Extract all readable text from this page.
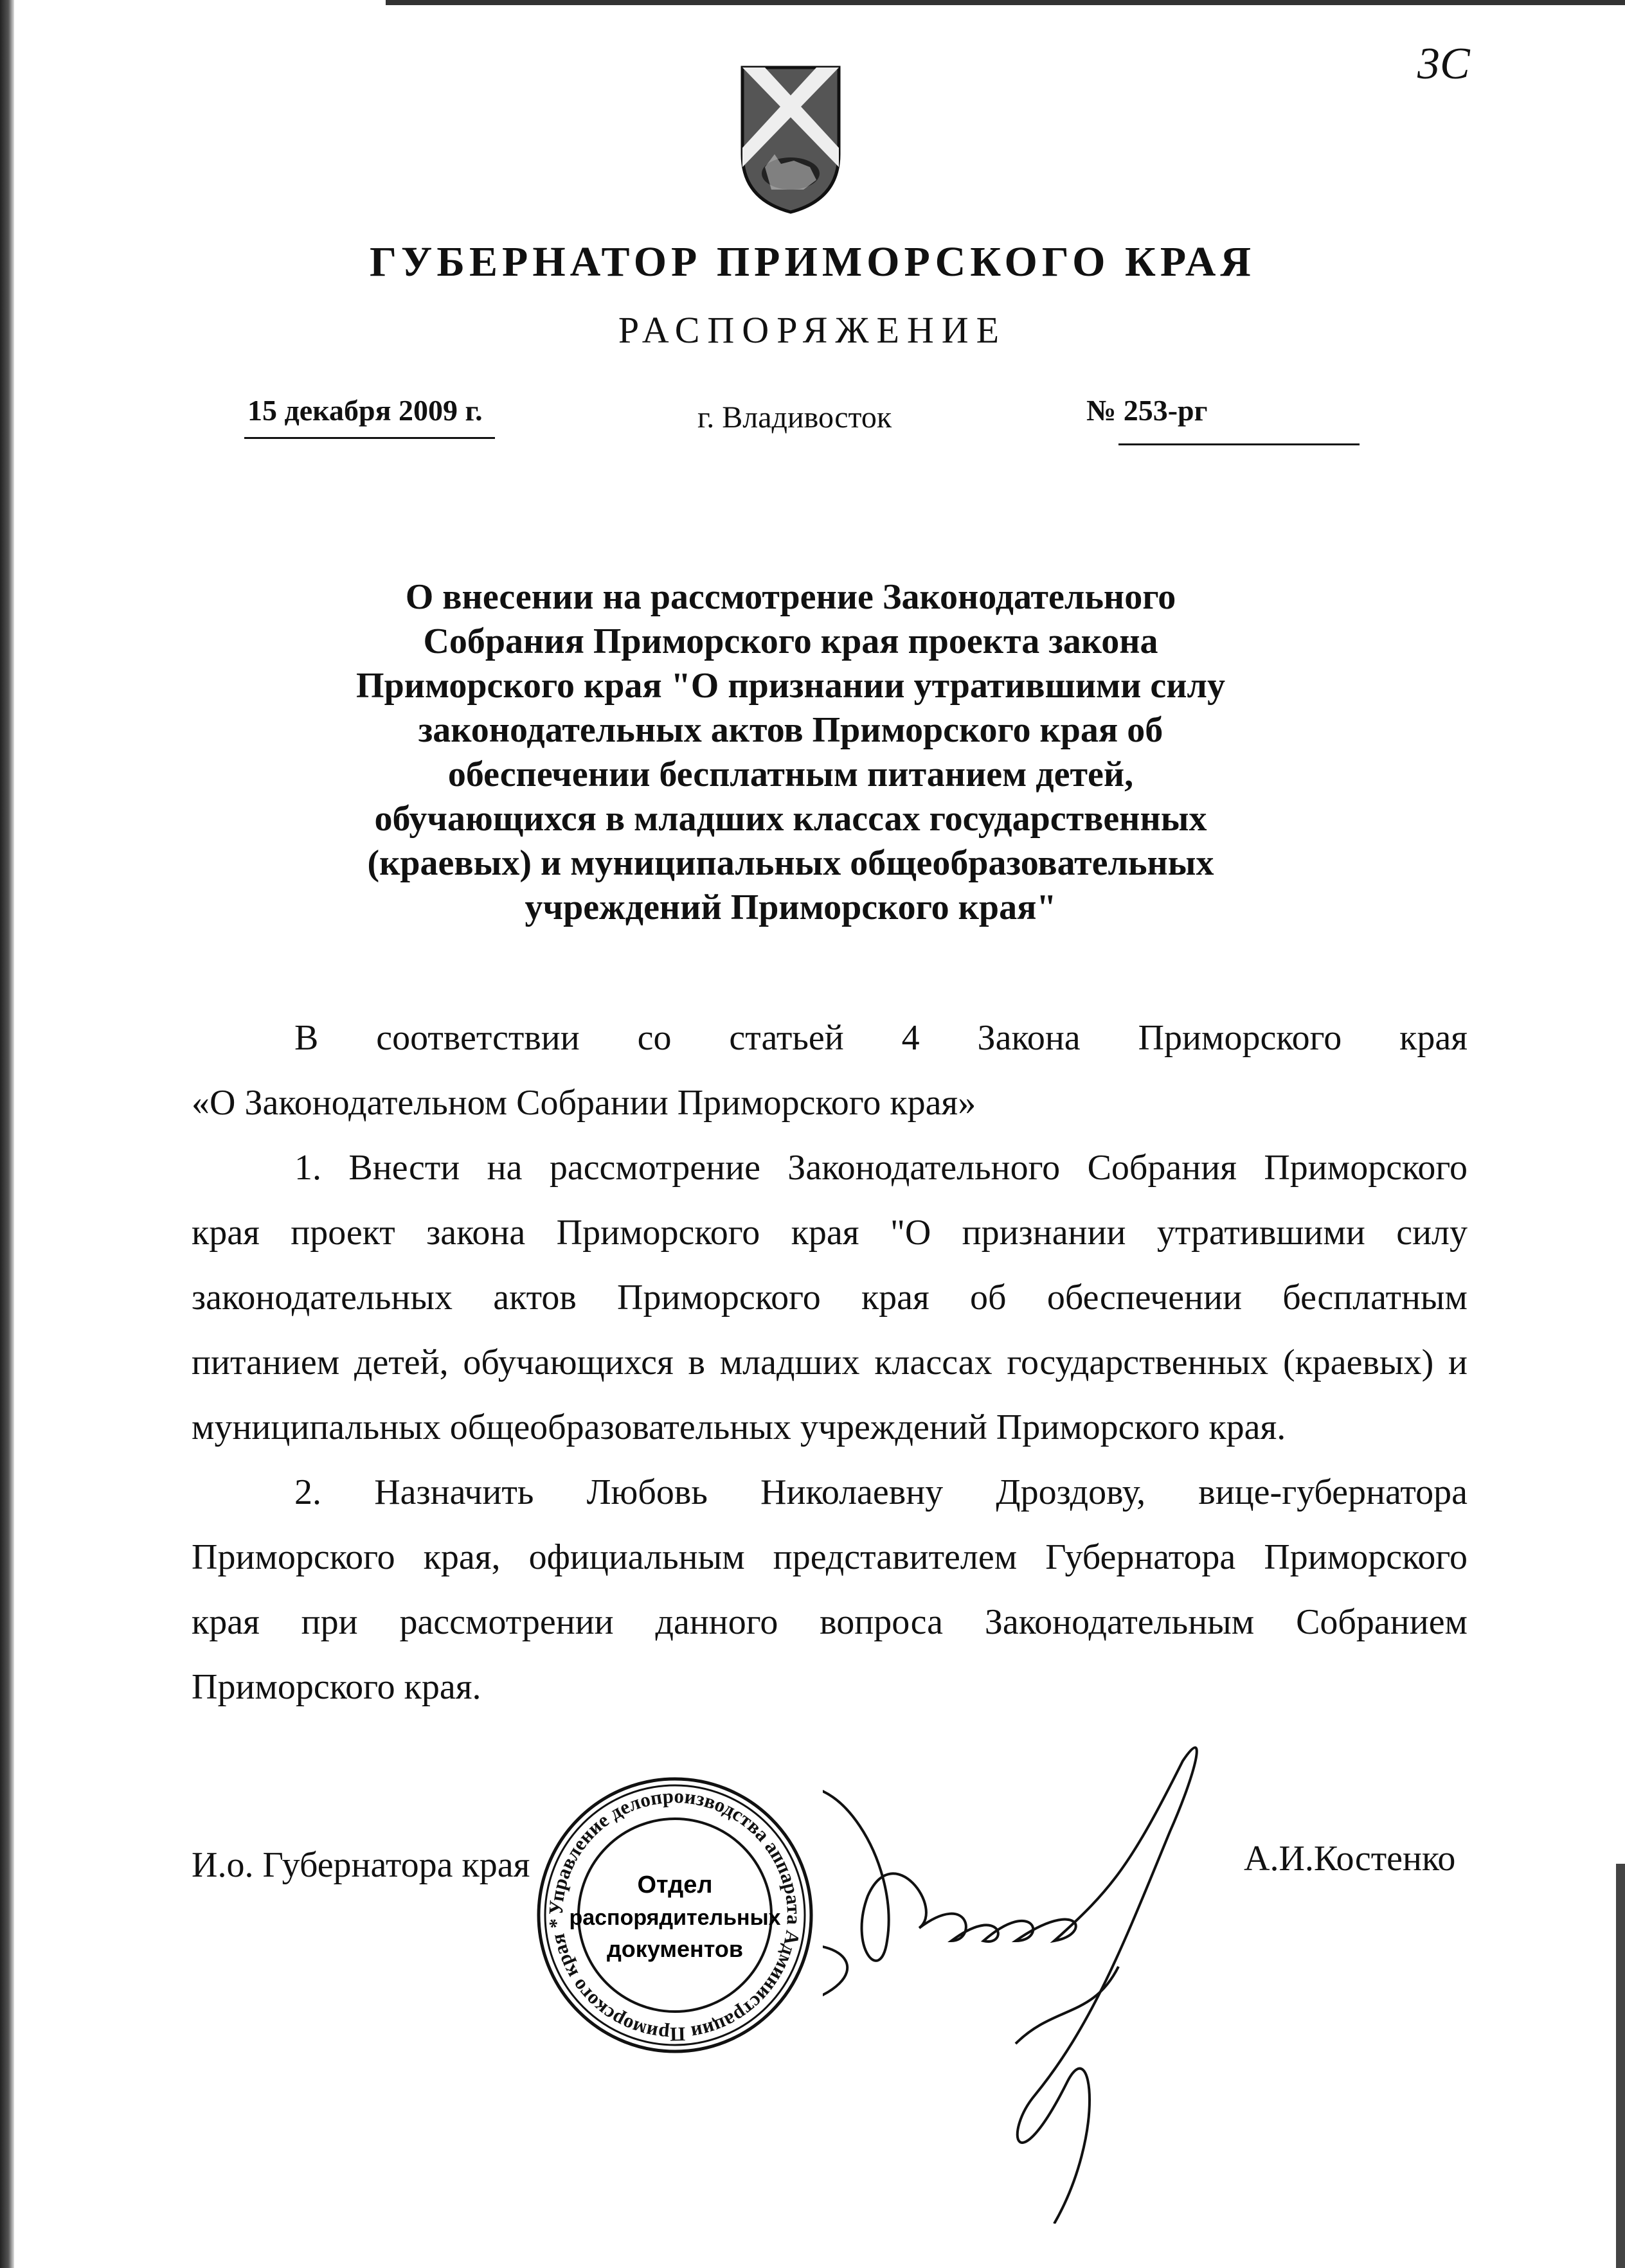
3С
ГУБЕРНАТОР ПРИМОРСКОГО КРАЯ
РАСПОРЯЖЕНИЕ
15 декабря 2009 г.	г. Владивосток	№ 253-рг
О внесении на рассмотрение Законодательного
Собрания Приморского края проекта закона
Приморского края "О признании утратившими силу
законодательных актов Приморского края об
обеспечении бесплатным питанием детей,
обучающихся в младших классах государственных
(краевых) и муниципальных общеобразовательных
учреждений Приморского края"
В соответствии со статьей 4 Закона Приморского края
«О Законодательном Собрании Приморского края»
1. Внести на рассмотрение Законодательного Собрания Приморского
края проект закона Приморского края "О признании утратившими силу
законодательных актов Приморского края об обеспечении бесплатным
питанием детей, обучающихся в младших классах государственных (краевых) и
муниципальных общеобразовательных учреждений Приморского края.
2. Назначить Любовь Николаевну Дроздову, вице-губернатора
Приморского края, официальным представителем Губернатора Приморского
края при рассмотрении данного вопроса Законодательным Собранием
Приморского края.
И.о. Губернатора края	А.И.Костенко
Управление делопроизводства аппарата Администрации Приморского края *
Отдел
распорядительных
документов
